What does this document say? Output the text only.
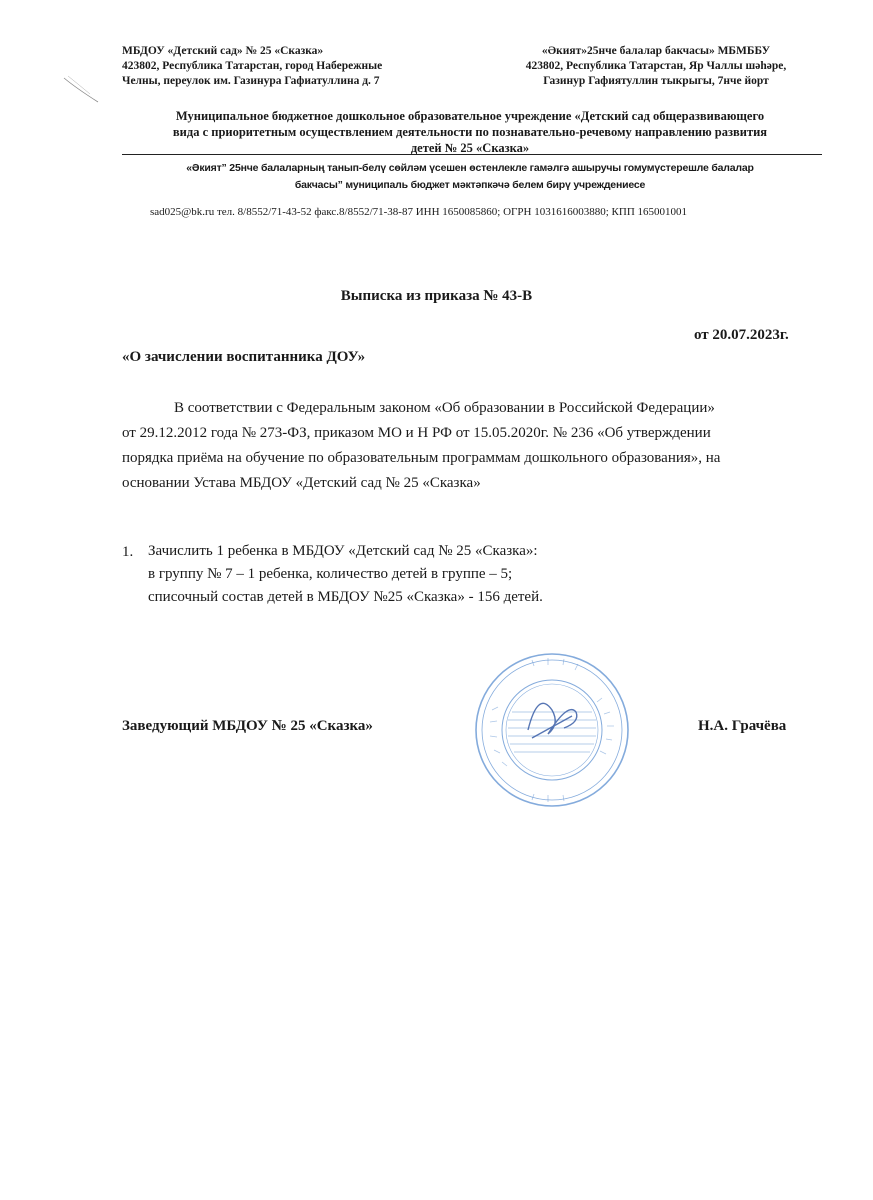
МБДОУ «Детский сад» № 25 «Сказка»
423802, Республика Татарстан, город Набережные
Челны, переулок им. Газинура Гафиатуллина д. 7
«Әкият»25нче балалар бакчасы» МБМББУ
423802, Республика Татарстан, Яр Чаллы шәһәре,
Газинур Гафиятуллин тыкрыгы, 7нче йорт
Муниципальное бюджетное дошкольное образовательное учреждение «Детский сад общеразвивающего
вида с приоритетным осуществлением деятельности по познавательно-речевому направлению развития
детей № 25 «Сказка»
«Әкият” 25нче балаларның танып-белү сөйләм үсешен өстенлекле гамәлгә ашыручы гомумүстерешле балалар
бакчасы” муниципаль бюджет мәктәпкәчә белем бирү учреждениесе
sad025@bk.ru тел. 8/8552/71-43-52 факс.8/8552/71-38-87 ИНН 1650085860; ОГРН 1031616003880; КПП 165001001
Выписка из приказа № 43-В
от 20.07.2023г.
«О зачислении воспитанника ДОУ»
В соответствии с Федеральным законом «Об образовании в Российской Федерации»
от 29.12.2012 года № 273-ФЗ, приказом МО и Н РФ от 15.05.2020г. № 236 «Об утверждении
порядка приёма на обучение по образовательным программам дошкольного образования», на
основании Устава МБДОУ «Детский сад № 25 «Сказка»
1. Зачислить 1 ребенка в МБДОУ «Детский сад № 25 «Сказка»:
в группу № 7 – 1 ребенка, количество детей в группе – 5;
списочный состав детей в МБДОУ №25 «Сказка» - 156 детей.
Заведующий МБДОУ № 25 «Сказка»	Н.А. Грачёва
